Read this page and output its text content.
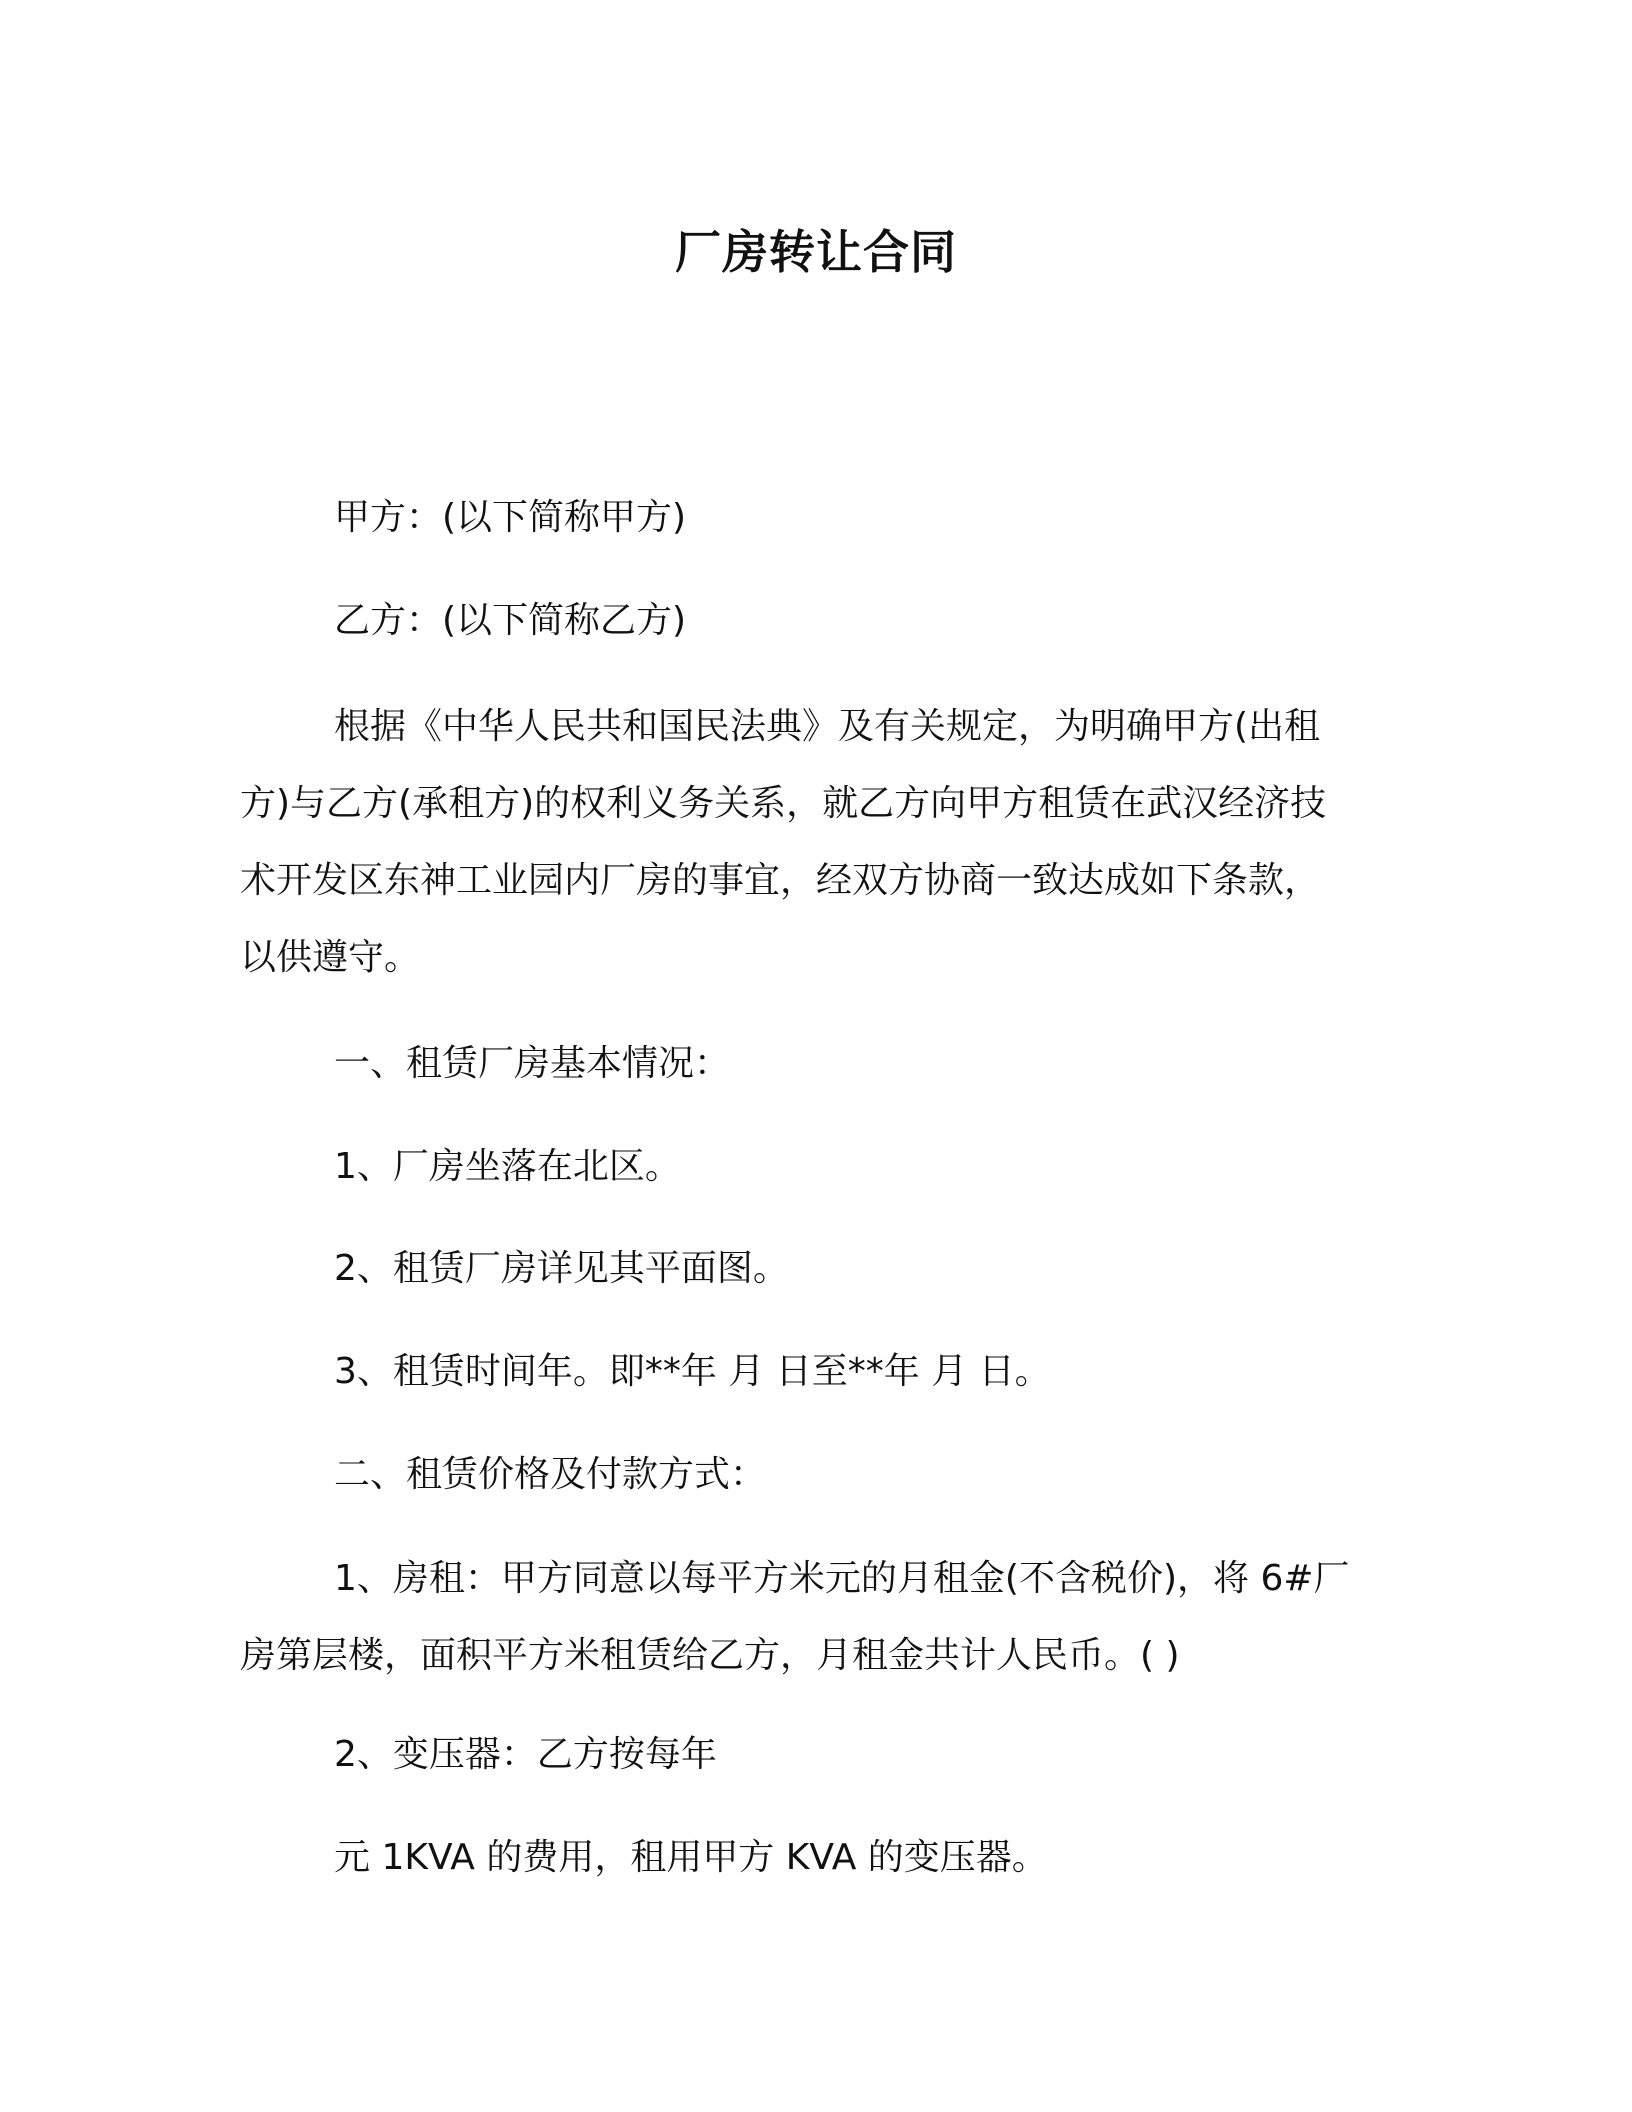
厂房转让合同
甲方：(以下简称甲方)
乙方：(以下简称乙方)
根据《中华人民共和国民法典》及有关规定，为明确甲方(出租
方)与乙方(承租方)的权利义务关系，就乙方向甲方租赁在武汉经济技
术开发区东神工业园内厂房的事宜，经双方协商一致达成如下条款，
以供遵守。
一、租赁厂房基本情况：
1、厂房坐落在北区。
2、租赁厂房详见其平面图。
3、租赁时间年。即**年 月 日至**年 月 日。
二、租赁价格及付款方式：
1、房租：甲方同意以每平方米元的月租金(不含税价)，将 6#厂
房第层楼，面积平方米租赁给乙方，月租金共计人民币。( )
2、变压器：乙方按每年
元 1KVA 的费用，租用甲方 KVA 的变压器。
